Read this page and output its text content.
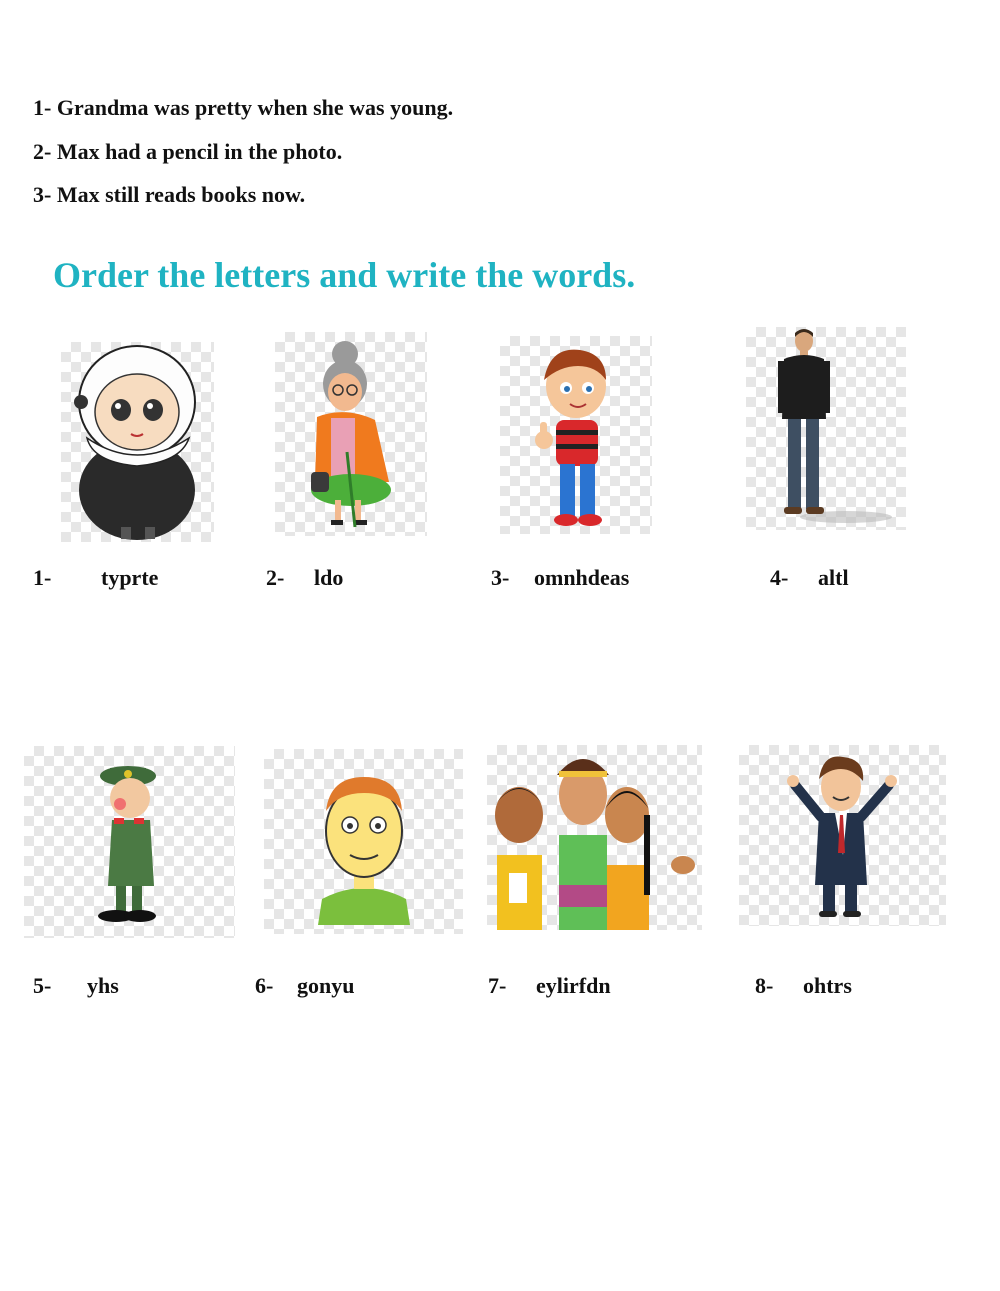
1- Grandma was pretty when she was young.
2- Max had a pencil in the photo.
3- Max still reads books now.
Order the letters and write the words.
1- typrte	2- ldo	3- omnhdeas	4- altl
5- yhs	6- gonyu	7- eylirfdn	8- ohtrs
